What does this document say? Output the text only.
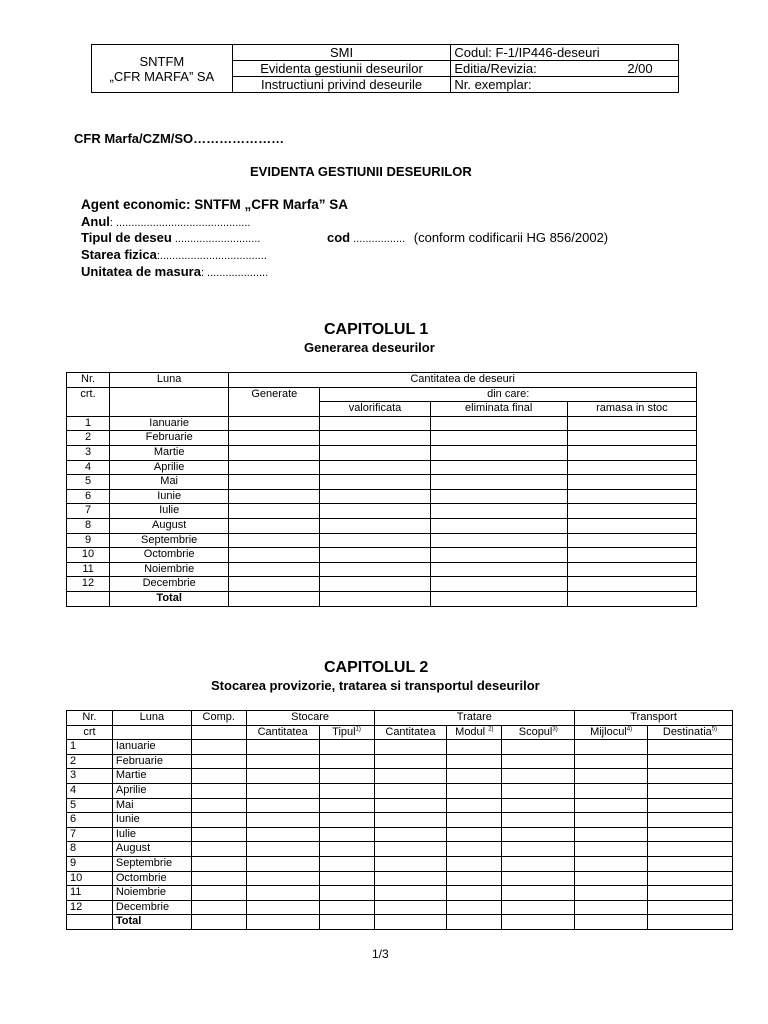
SNTFM
„CFR MARFA” SA	SMI	Codul: F-1/IP446-deseuri
	Evidenta gestiunii deseurilor	Editia/Revizia: 2/00

	Instructiuni privind deseurile	Nr. exemplar:
CFR Marfa/CZM/SO…………………
EVIDENTA GESTIUNII DESEURILOR
Agent economic: SNTFM „CFR Marfa” SA
Anul: ............................................
Tipul de deseu ............................	cod ................. (conform codificarii HG 856/2002)
Starea fizica:...................................
Unitatea de masura: ....................
CAPITOLUL 1
Generarea deseurilor
Nr.	Luna	Cantitatea de deseuri			
crt.		Generate	din care:		
			valorificata	eliminata final	ramasa in stoc
1	Ianuarie				
2	Februarie				
3	Martie				
4	Aprilie				
5	Mai				
6	Iunie				
7	Iulie				
8	August				
9	Septembrie				
10	Octombrie				
11	Noiembrie				
12	Decembrie				
	Total				
CAPITOLUL 2
Stocarea provizorie, tratarea si transportul deseurilor
Nr.	Luna	Comp.	Stocare		Tratare			Transport	
crt			Cantitatea	Tipul$^{1)}$	Cantitatea	Modul $^{2)}$	Scopul$^{3)}$	Mijlocul$^{4)}$	Destinatia$^{5)}$
1	Ianuarie								
2	Februarie								
3	Martie								
4	Aprilie								
5	Mai								
6	Iunie								
7	Iulie								
8	August								
9	Septembrie								
10	Octombrie								
11	Noiembrie								
12	Decembrie								
	Total								
1/3
